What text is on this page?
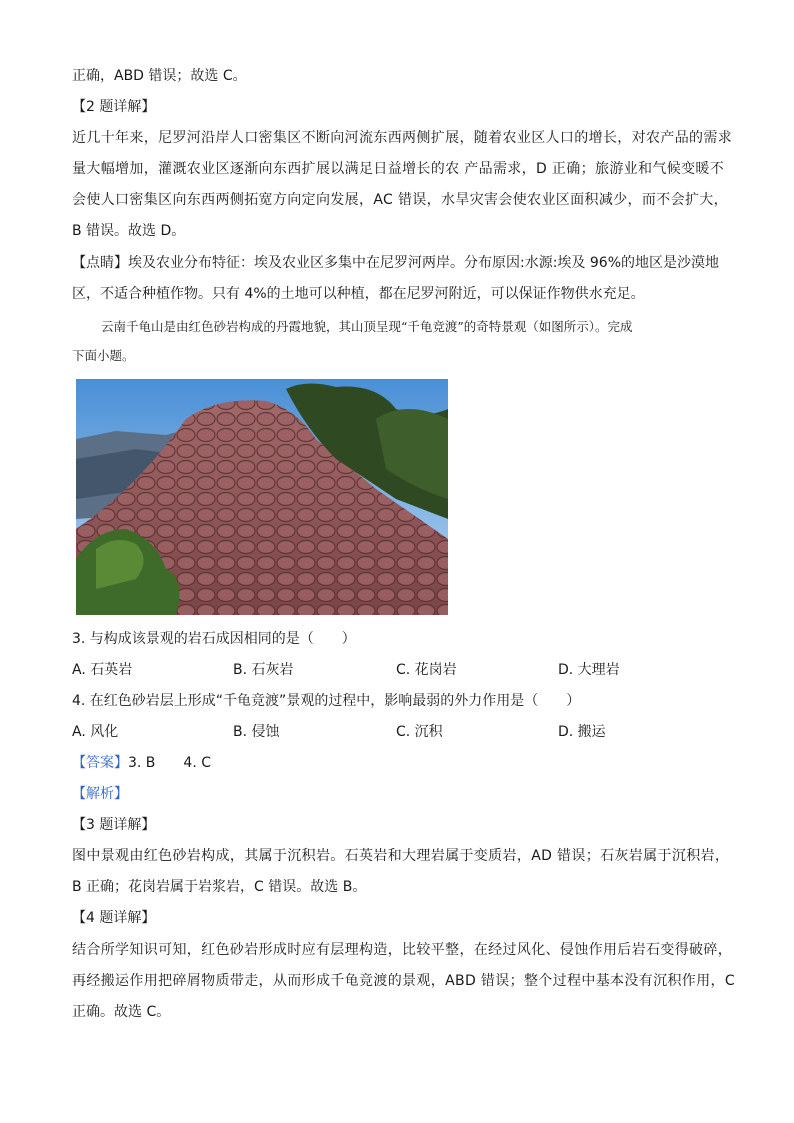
正确，ABD 错误；故选 C。
【2 题详解】
近几十年来，尼罗河沿岸人口密集区不断向河流东西两侧扩展，随着农业区人口的增长，对农产品的需求
量大幅增加，灌溉农业区逐渐向东西扩展以满足日益增长的农 产品需求，D 正确；旅游业和气候变暖不
会使人口密集区向东西两侧拓宽方向定向发展，AC 错误，水旱灾害会使农业区面积减少，而不会扩大，
B 错误。故选 D。
【点睛】埃及农业分布特征：埃及农业区多集中在尼罗河两岸。分布原因:水源:埃及 96%的地区是沙漠地
区，不适合种植作物。只有 4%的土地可以种植，都在尼罗河附近，可以保证作物供水充足。
云南千龟山是由红色砂岩构成的丹霞地貌，其山顶呈现“千龟竞渡”的奇特景观（如图所示）。完成
下面小题。
3. 与构成该景观的岩石成因相同的是（　　）
A. 石英岩	B. 石灰岩	C. 花岗岩	D. 大理岩
4. 在红色砂岩层上形成“千龟竞渡”景观的过程中，影响最弱的外力作用是（　　）
A. 风化	B. 侵蚀	C. 沉积	D. 搬运
【答案】3. B　　4. C
【解析】
【3 题详解】
图中景观由红色砂岩构成，其属于沉积岩。石英岩和大理岩属于变质岩，AD 错误；石灰岩属于沉积岩，
B 正确；花岗岩属于岩浆岩，C 错误。故选 B。
【4 题详解】
结合所学知识可知，红色砂岩形成时应有层理构造，比较平整，在经过风化、侵蚀作用后岩石变得破碎，
再经搬运作用把碎屑物质带走，从而形成千龟竞渡的景观，ABD 错误；整个过程中基本没有沉积作用，C
正确。故选 C。
